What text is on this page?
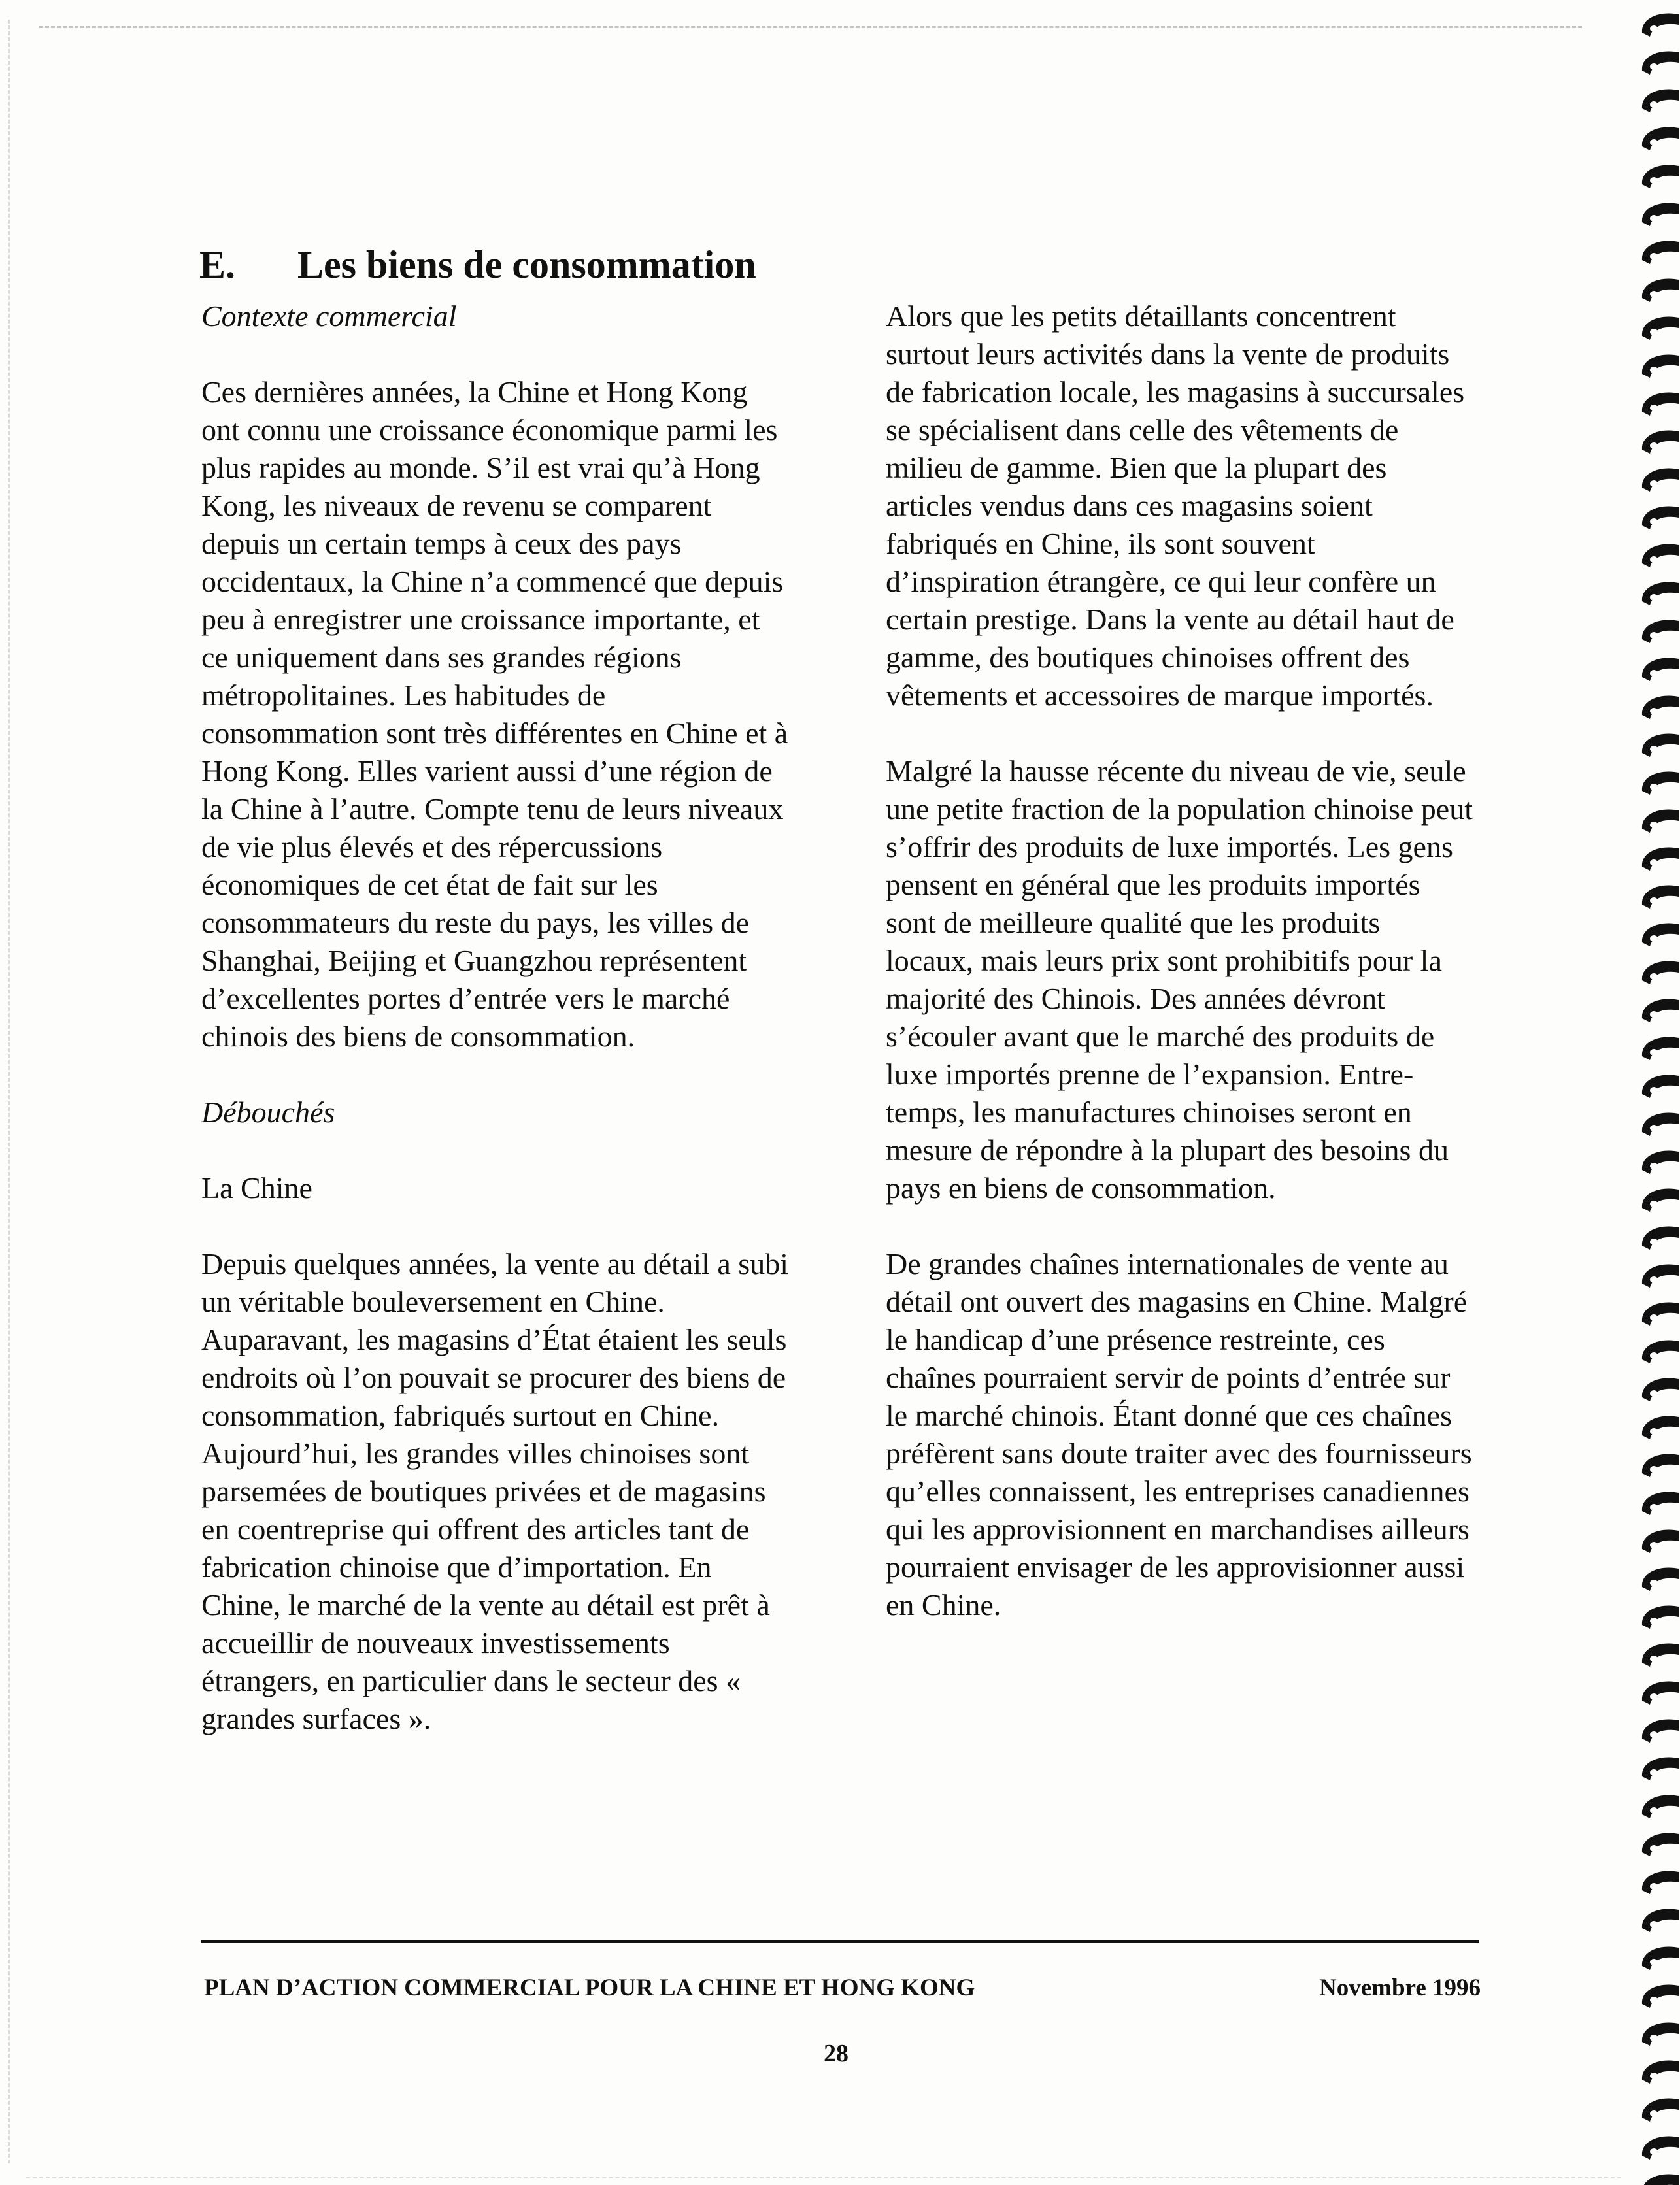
E. Les biens de consommation

Contexte commercial

Ces dernières années, la Chine et Hong Kong ont connu une croissance économique parmi les plus rapides au monde. S’il est vrai qu’à Hong Kong, les niveaux de revenu se comparent depuis un certain temps à ceux des pays occidentaux, la Chine n’a commencé que depuis peu à enregistrer une croissance importante, et ce uniquement dans ses grandes régions métropolitaines. Les habitudes de consommation sont très différentes en Chine et à Hong Kong. Elles varient aussi d’une région de la Chine à l’autre. Compte tenu de leurs niveaux de vie plus élevés et des répercussions économiques de cet état de fait sur les consommateurs du reste du pays, les villes de Shanghai, Beijing et Guangzhou représentent d’excellentes portes d’entrée vers le marché chinois des biens de consommation.

Débouchés

La Chine

Depuis quelques années, la vente au détail a subi un véritable bouleversement en Chine. Auparavant, les magasins d’État étaient les seuls endroits où l’on pouvait se procurer des biens de consommation, fabriqués surtout en Chine. Aujourd’hui, les grandes villes chinoises sont parsemées de boutiques privées et de magasins en coentreprise qui offrent des articles tant de fabrication chinoise que d’importation. En Chine, le marché de la vente au détail est prêt à accueillir de nouveaux investissements étrangers, en particulier dans le secteur des « grandes surfaces ».

Alors que les petits détaillants concentrent surtout leurs activités dans la vente de produits de fabrication locale, les magasins à succursales se spécialisent dans celle des vêtements de milieu de gamme. Bien que la plupart des articles vendus dans ces magasins soient fabriqués en Chine, ils sont souvent d’inspiration étrangère, ce qui leur confère un certain prestige. Dans la vente au détail haut de gamme, des boutiques chinoises offrent des vêtements et accessoires de marque importés.

Malgré la hausse récente du niveau de vie, seule une petite fraction de la population chinoise peut s’offrir des produits de luxe importés. Les gens pensent en général que les produits importés sont de meilleure qualité que les produits locaux, mais leurs prix sont prohibitifs pour la majorité des Chinois. Des années dévront s’écouler avant que le marché des produits de luxe importés prenne de l’expansion. Entre-temps, les manufactures chinoises seront en mesure de répondre à la plupart des besoins du pays en biens de consommation.

De grandes chaînes internationales de vente au détail ont ouvert des magasins en Chine. Malgré le handicap d’une présence restreinte, ces chaînes pourraient servir de points d’entrée sur le marché chinois. Étant donné que ces chaînes préfèrent sans doute traiter avec des fournisseurs qu’elles connaissent, les entreprises canadiennes qui les approvisionnent en marchandises ailleurs pourraient envisager de les approvisionner aussi en Chine.

PLAN D’ACTION COMMERCIAL POUR LA CHINE ET HONG KONG	Novembre 1996
28
